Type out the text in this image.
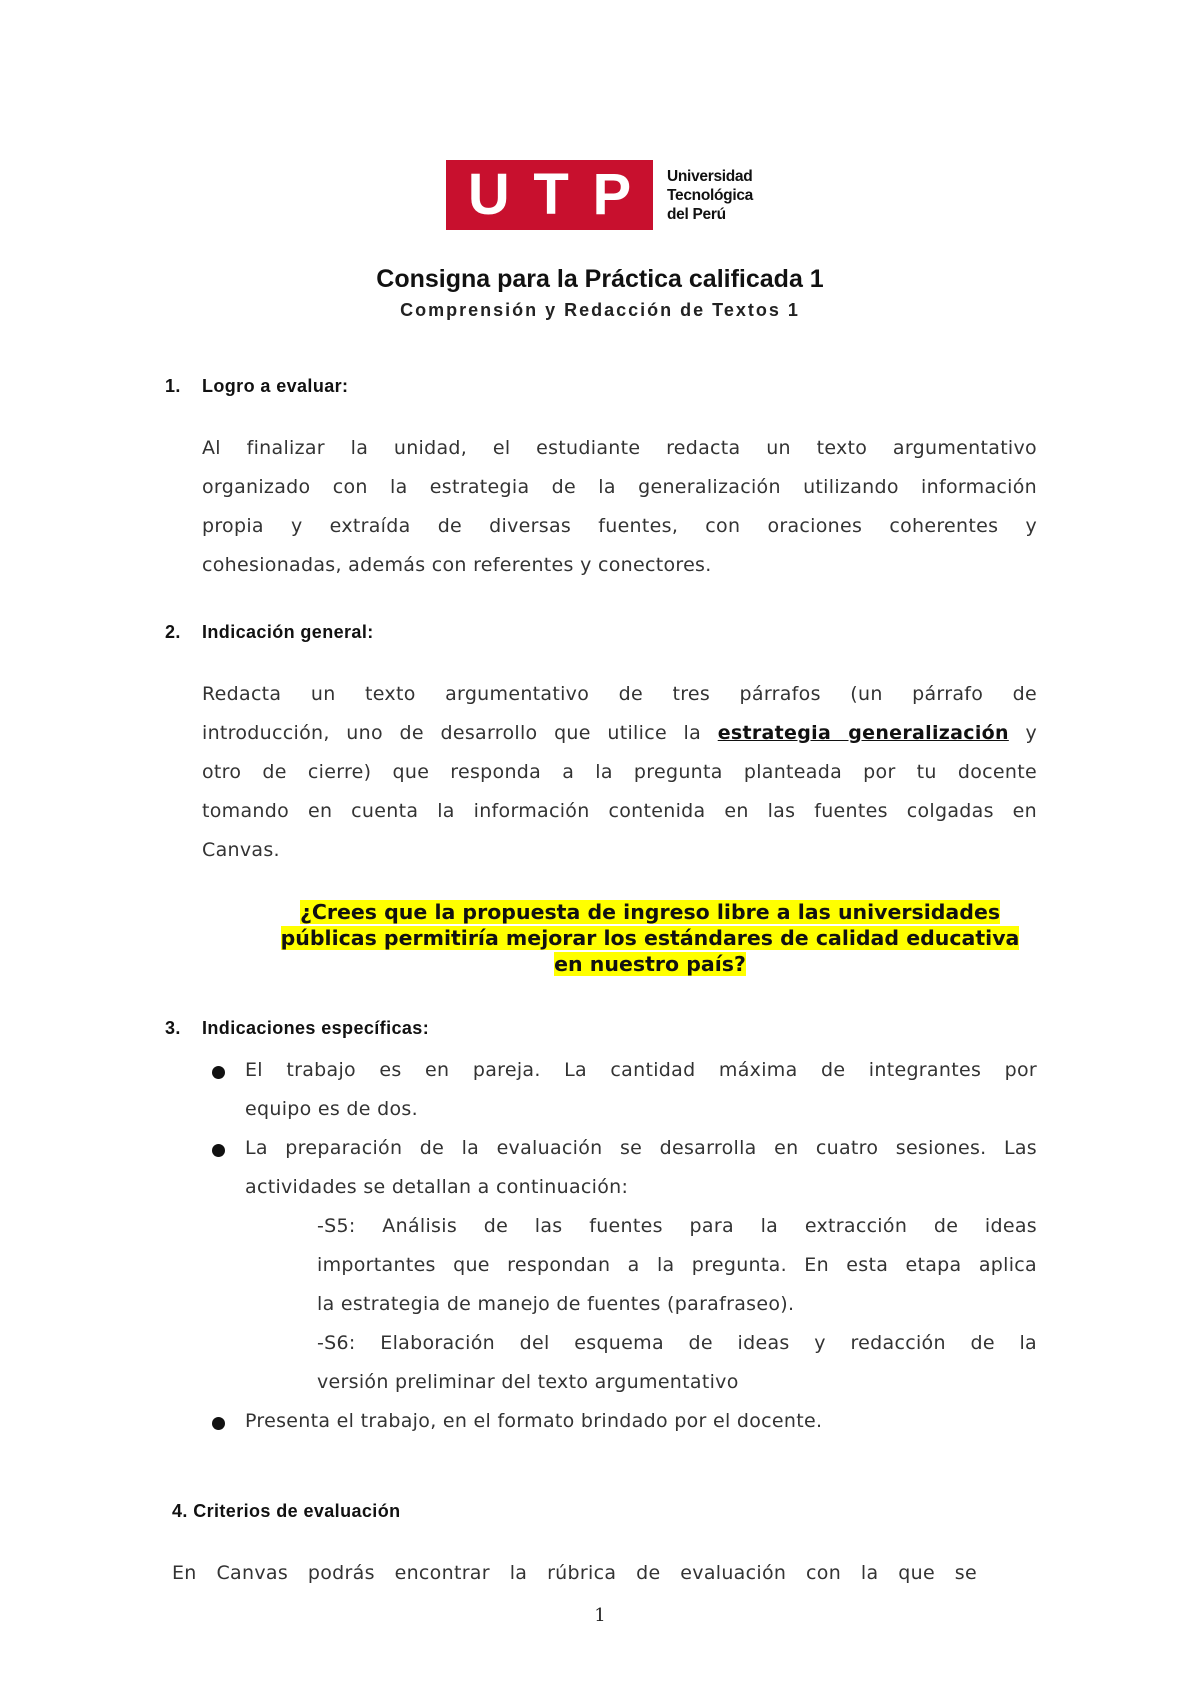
U T P Universidad
Tecnológica
del Perú
Consigna para la Práctica calificada 1
Comprensión y Redacción de Textos 1
1. Logro a evaluar:
Al finalizar la unidad, el estudiante redacta un texto argumentativo
organizado con la estrategia de la generalización utilizando información
propia y extraída de diversas fuentes, con oraciones coherentes y
cohesionadas, además con referentes y conectores.
2. Indicación general:
Redacta un texto argumentativo de tres párrafos (un párrafo de
introducción, uno de desarrollo que utilice la estrategia generalización y
otro de cierre) que responda a la pregunta planteada por tu docente
tomando en cuenta la información contenida en las fuentes colgadas en
Canvas.
¿Crees que la propuesta de ingreso libre a las universidades
públicas permitiría mejorar los estándares de calidad educativa
en nuestro país?
3. Indicaciones específicas:
El trabajo es en pareja. La cantidad máxima de integrantes por
equipo es de dos.
La preparación de la evaluación se desarrolla en cuatro sesiones. Las
actividades se detallan a continuación:
-S5: Análisis de las fuentes para la extracción de ideas
importantes que respondan a la pregunta. En esta etapa aplica
la estrategia de manejo de fuentes (parafraseo).
-S6: Elaboración del esquema de ideas y redacción de la
versión preliminar del texto argumentativo
Presenta el trabajo, en el formato brindado por el docente.
4. Criterios de evaluación
En Canvas podrás encontrar la rúbrica de evaluación con la que se
1
